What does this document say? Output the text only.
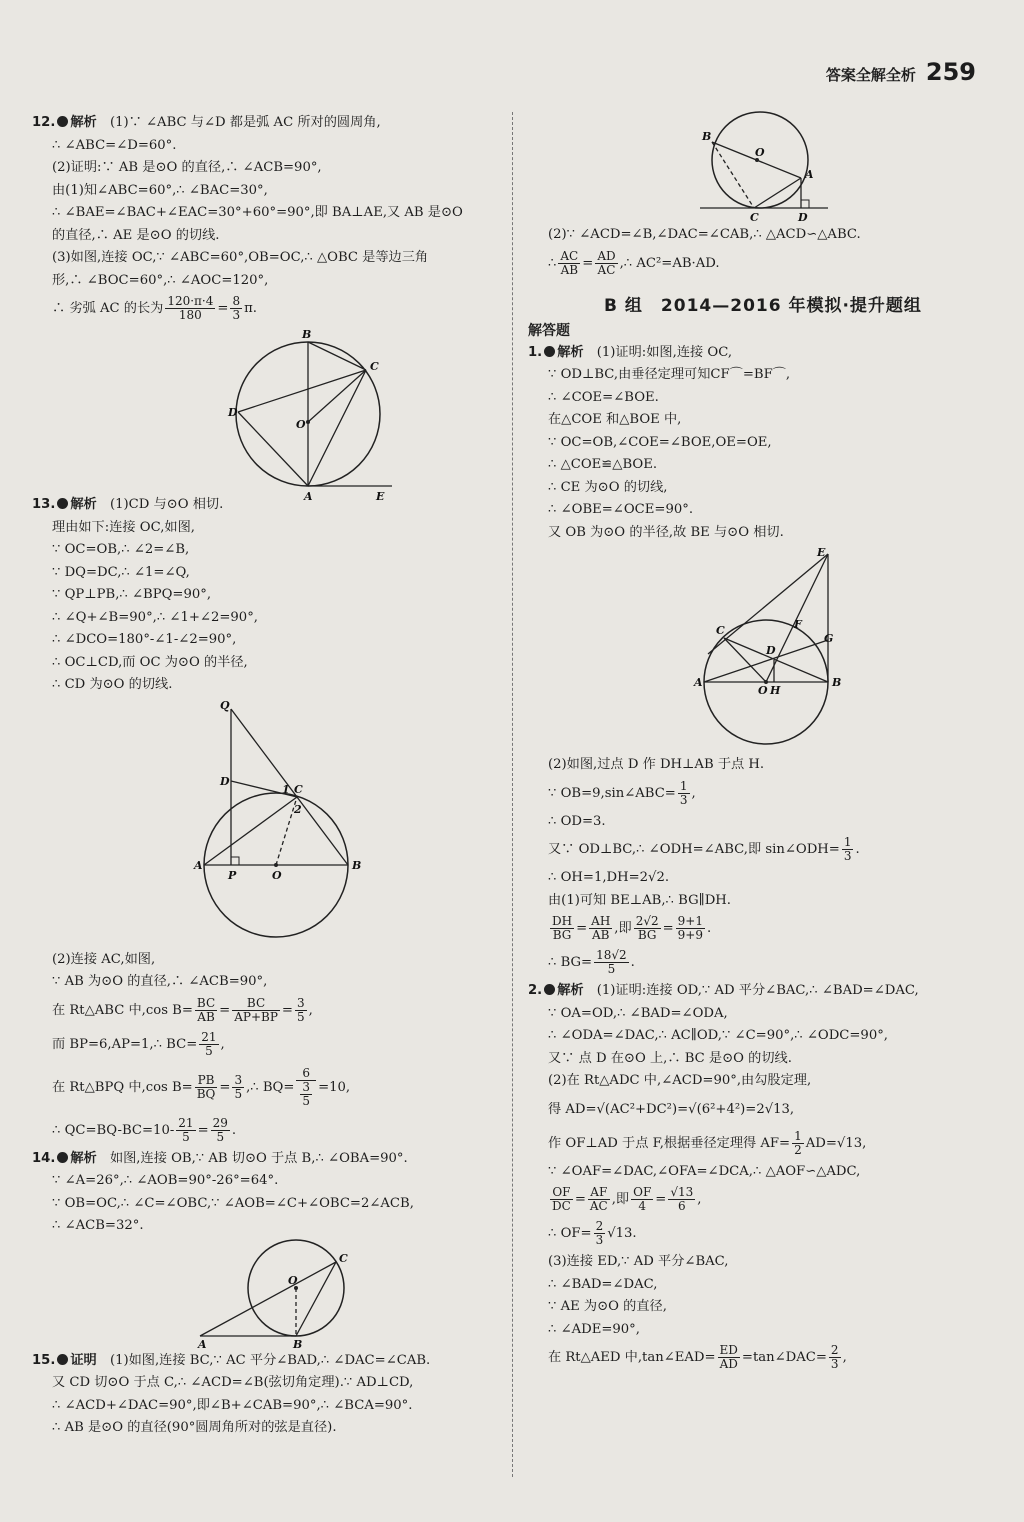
答案全解全析 259
12. 解析　 (1)∵ ∠ABC 与∠D 都是弧 AC 所对的圆周角,
∴ ∠ABC=∠D=60°.
(2)证明:∵ AB 是⊙O 的直径,∴ ∠ACB=90°,
由(1)知∠ABC=60°,∴ ∠BAC=30°,
∴ ∠BAE=∠BAC+∠EAC=30°+60°=90°,即 BA⊥AE,又 AB 是⊙O
的直径,∴ AE 是⊙O 的切线.
(3)如图,连接 OC,∵ ∠ABC=60°,OB=OC,∴ △OBC 是等边三角
形,∴ ∠BOC=60°,∴ ∠AOC=120°,
∴ 劣弧 AC 的长为 $\frac{120\cdot\pi\cdot 4}{180} = \frac{8}{3} \pi$.
B
C
D
O
A	E
13. 解析　 (1)CD 与⊙O 相切.
理由如下:连接 OC,如图,
∵ OC=OB,∴ ∠2=∠B,
∵ DQ=DC,∴ ∠1=∠Q,
∵ QP⊥PB,∴ ∠BPQ=90°,
∴ ∠Q+∠B=90°,∴ ∠1+∠2=90°,
∴ ∠DCO=180°-∠1-∠2=90°,
∴ OC⊥CD,而 OC 为⊙O 的半径,
∴ CD 为⊙O 的切线.
Q
D
C
1
2
A
P	O
B
(2)连接 AC,如图,
∵ AB 为⊙O 的直径,∴ ∠ACB=90°,
在 Rt△ABC 中,cos $B= \frac{BC}{AB} = \frac{BC}{AP+BP} = \frac{3}{5}$ ,
而 BP=6,AP=1,∴ $BC= \frac{21}{5}$ ,
在 Rt△BPQ 中,cos $B= \frac{PB}{BQ} = \frac{3}{5}$ ,∴ $BQ= \frac{6}{\frac{3}{5}} =10$,
∴ $QC=BQ-BC=10- \frac{21}{5} = \frac{29}{5}$ .
14. 解析　 如图,连接 OB,∵ AB 切⊙O 于点 B,∴ ∠OBA=90°.
∵ ∠A=26°,∴ ∠AOB=90°-26°=64°.
∵ OB=OC,∴ ∠C=∠OBC,∵ ∠AOB=∠C+∠OBC=2∠ACB,
∴ ∠ACB=32°.
O
C
A	B
15. 证明　 (1)如图,连接 BC,∵ AC 平分∠BAD,∴ ∠DAC=∠CAB.
又 CD 切⊙O 于点 C,∴ ∠ACD=∠B(弦切角定理).∵ AD⊥CD,
∴ ∠ACD+∠DAC=90°,即∠B+∠CAB=90°,∴ ∠BCA=90°.
∴ AB 是⊙O 的直径(90°圆周角所对的弦是直径).
B
O
A
C	D
(2)∵ ∠ACD=∠B,∠DAC=∠CAB,∴ △ACD∽△ABC.
∴ $\frac{AC}{AB} = \frac{AD}{AC}$ ,∴ AC²=AB·AD.
B 组　2014—2016 年模拟·提升题组
解答题
1. 解析　 (1)证明:如图,连接 OC,
∵ OD⊥BC,由垂径定理可知CF⌒=BF⌒,
∴ ∠COE=∠BOE.
在△COE 和△BOE 中,
∵ OC=OB,∠COE=∠BOE,OE=OE,
∴ △COE≌△BOE.
∴ CE 为⊙O 的切线,
∴ ∠OBE=∠OCE=90°.
又 OB 为⊙O 的半径,故 BE 与⊙O 相切.
E
C	F
G
D
A
O H
B
(2)如图,过点 D 作 DH⊥AB 于点 H.
∵ OB=9,sin∠ABC= $\frac{1}{3}$ ,
∴ OD=3.
又∵ OD⊥BC,∴ ∠ODH=∠ABC,即 sin∠ODH= $\frac{1}{3}$ .
∴ OH=1,DH=2√2.
由(1)可知 BE⊥AB,∴ BG∥DH.
$\frac{DH}{BG} = \frac{AH}{AB}$ ,即 $\frac{2√2}{BG} = \frac{9+1}{9+9}$ .
∴ $BG= \frac{18√2}{5}$ .
2. 解析　 (1)证明:连接 OD,∵ AD 平分∠BAC,∴ ∠BAD=∠DAC,
∵ OA=OD,∴ ∠BAD=∠ODA,
∴ ∠ODA=∠DAC,∴ AC∥OD,∵ ∠C=90°,∴ ∠ODC=90°,
又∵ 点 D 在⊙O 上,∴ BC 是⊙O 的切线.
(2)在 Rt△ADC 中,∠ACD=90°,由勾股定理,
得 AD=√(AC²+DC²)=√(6²+4²)=2√13,
作 OF⊥AD 于点 F,根据垂径定理得 $AF= \frac{1}{2} AD=√13$,
∵ ∠OAF=∠DAC,∠OFA=∠DCA,∴ △AOF∽△ADC,
$\frac{OF}{DC} = \frac{AF}{AC}$ ,即 $\frac{OF}{4} = \frac{√13}{6}$ ,
∴ $OF= \frac{2}{3} √13$.
(3)连接 ED,∵ AD 平分∠BAC,
∴ ∠BAD=∠DAC,
∵ AE 为⊙O 的直径,
∴ ∠ADE=90°,
在 Rt△AED 中,tan∠EAD= $\frac{ED}{AD}$ =tan∠DAC= $\frac{2}{3}$ ,
